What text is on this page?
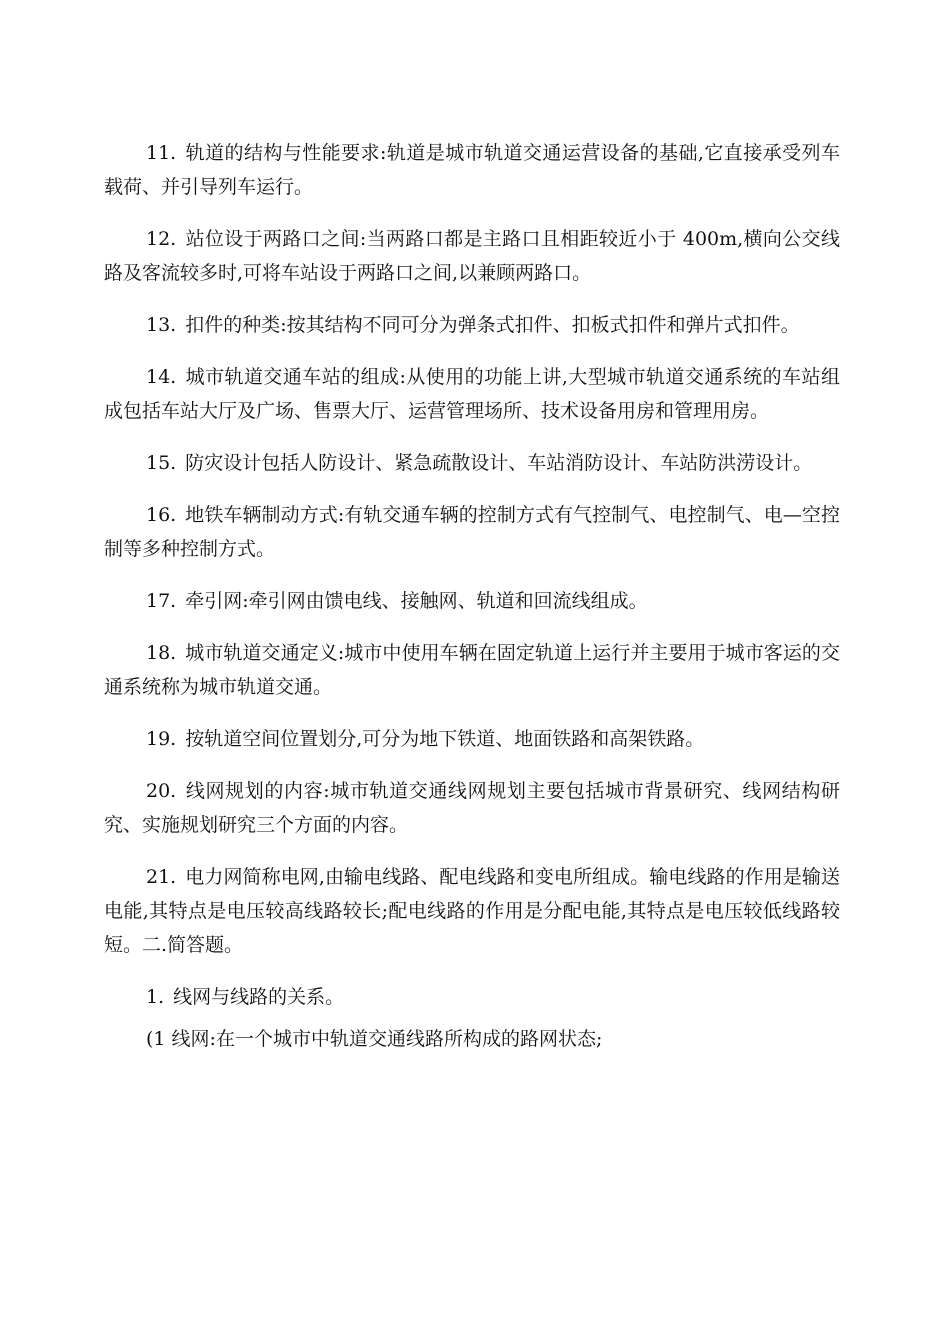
11. 轨道的结构与性能要求:轨道是城市轨道交通运营设备的基础,它直接承受列车载荷、并引导列车运行。

12. 站位设于两路口之间:当两路口都是主路口且相距较近小于 400m,横向公交线路及客流较多时,可将车站设于两路口之间,以兼顾两路口。

13. 扣件的种类:按其结构不同可分为弹条式扣件、扣板式扣件和弹片式扣件。

14. 城市轨道交通车站的组成:从使用的功能上讲,大型城市轨道交通系统的车站组成包括车站大厅及广场、售票大厅、运营管理场所、技术设备用房和管理用房。

15. 防灾设计包括人防设计、紧急疏散设计、车站消防设计、车站防洪涝设计。

16. 地铁车辆制动方式:有轨交通车辆的控制方式有气控制气、电控制气、电—空控制等多种控制方式。

17. 牵引网:牵引网由馈电线、接触网、轨道和回流线组成。

18. 城市轨道交通定义:城市中使用车辆在固定轨道上运行并主要用于城市客运的交通系统称为城市轨道交通。

19. 按轨道空间位置划分,可分为地下铁道、地面铁路和高架铁路。

20. 线网规划的内容:城市轨道交通线网规划主要包括城市背景研究、线网结构研究、实施规划研究三个方面的内容。

21. 电力网简称电网,由输电线路、配电线路和变电所组成。输电线路的作用是输送电能,其特点是电压较高线路较长;配电线路的作用是分配电能,其特点是电压较低线路较短。二.简答题。

1. 线网与线路的关系。

(1 线网:在一个城市中轨道交通线路所构成的路网状态;
